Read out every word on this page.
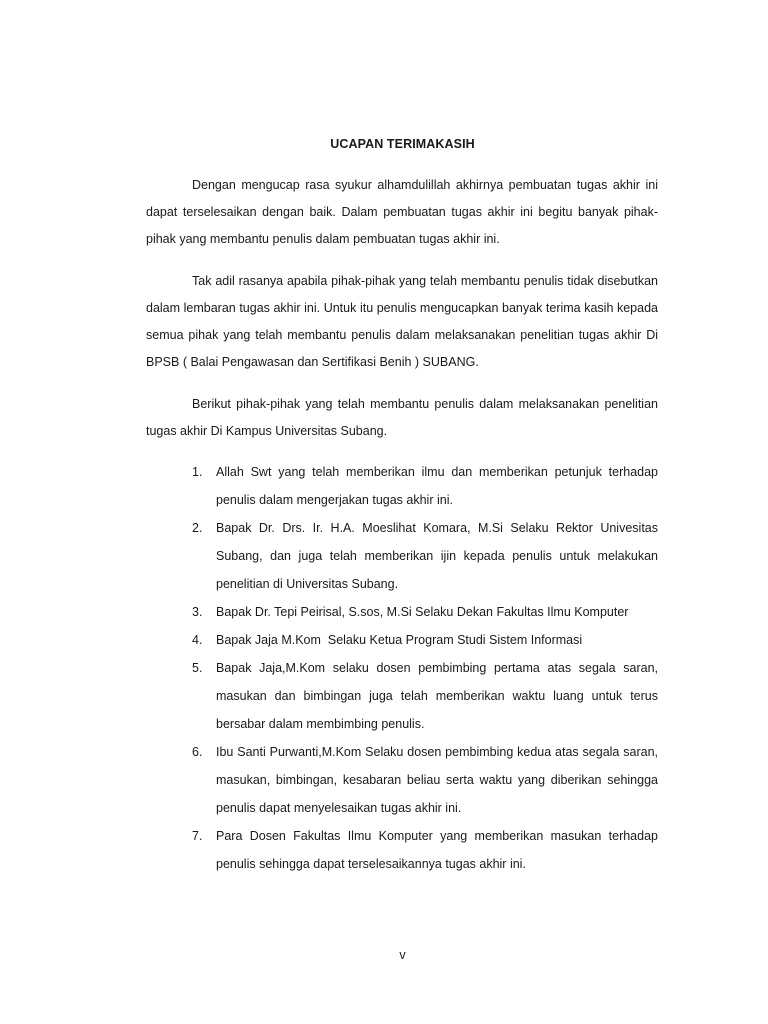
UCAPAN TERIMAKASIH

Dengan mengucap rasa syukur alhamdulillah akhirnya pembuatan tugas akhir ini dapat terselesaikan dengan baik. Dalam pembuatan tugas akhir ini begitu banyak pihak-pihak yang membantu penulis dalam pembuatan tugas akhir ini.

Tak adil rasanya apabila pihak-pihak yang telah membantu penulis tidak disebutkan dalam lembaran tugas akhir ini. Untuk itu penulis mengucapkan banyak terima kasih kepada semua pihak yang telah membantu penulis dalam melaksanakan penelitian tugas akhir Di BPSB ( Balai Pengawasan dan Sertifikasi Benih ) SUBANG.

Berikut pihak-pihak yang telah membantu penulis dalam melaksanakan penelitian tugas akhir Di Kampus Universitas Subang.

1. Allah Swt yang telah memberikan ilmu dan memberikan petunjuk terhadap penulis dalam mengerjakan tugas akhir ini.
2. Bapak Dr. Drs. Ir. H.A. Moeslihat Komara, M.Si Selaku Rektor Univesitas Subang, dan juga telah memberikan ijin kepada penulis untuk melakukan penelitian di Universitas Subang.
3. Bapak Dr. Tepi Peirisal, S.sos, M.Si Selaku Dekan Fakultas Ilmu Komputer
4. Bapak Jaja M.Kom  Selaku Ketua Program Studi Sistem Informasi
5. Bapak Jaja,M.Kom selaku dosen pembimbing pertama atas segala saran, masukan dan bimbingan juga telah memberikan waktu luang untuk terus bersabar dalam membimbing penulis.
6. Ibu Santi Purwanti,M.Kom Selaku dosen pembimbing kedua atas segala saran, masukan, bimbingan, kesabaran beliau serta waktu yang diberikan sehingga penulis dapat menyelesaikan tugas akhir ini.
7. Para Dosen Fakultas Ilmu Komputer yang memberikan masukan terhadap penulis sehingga dapat terselesaikannya tugas akhir ini.
v
